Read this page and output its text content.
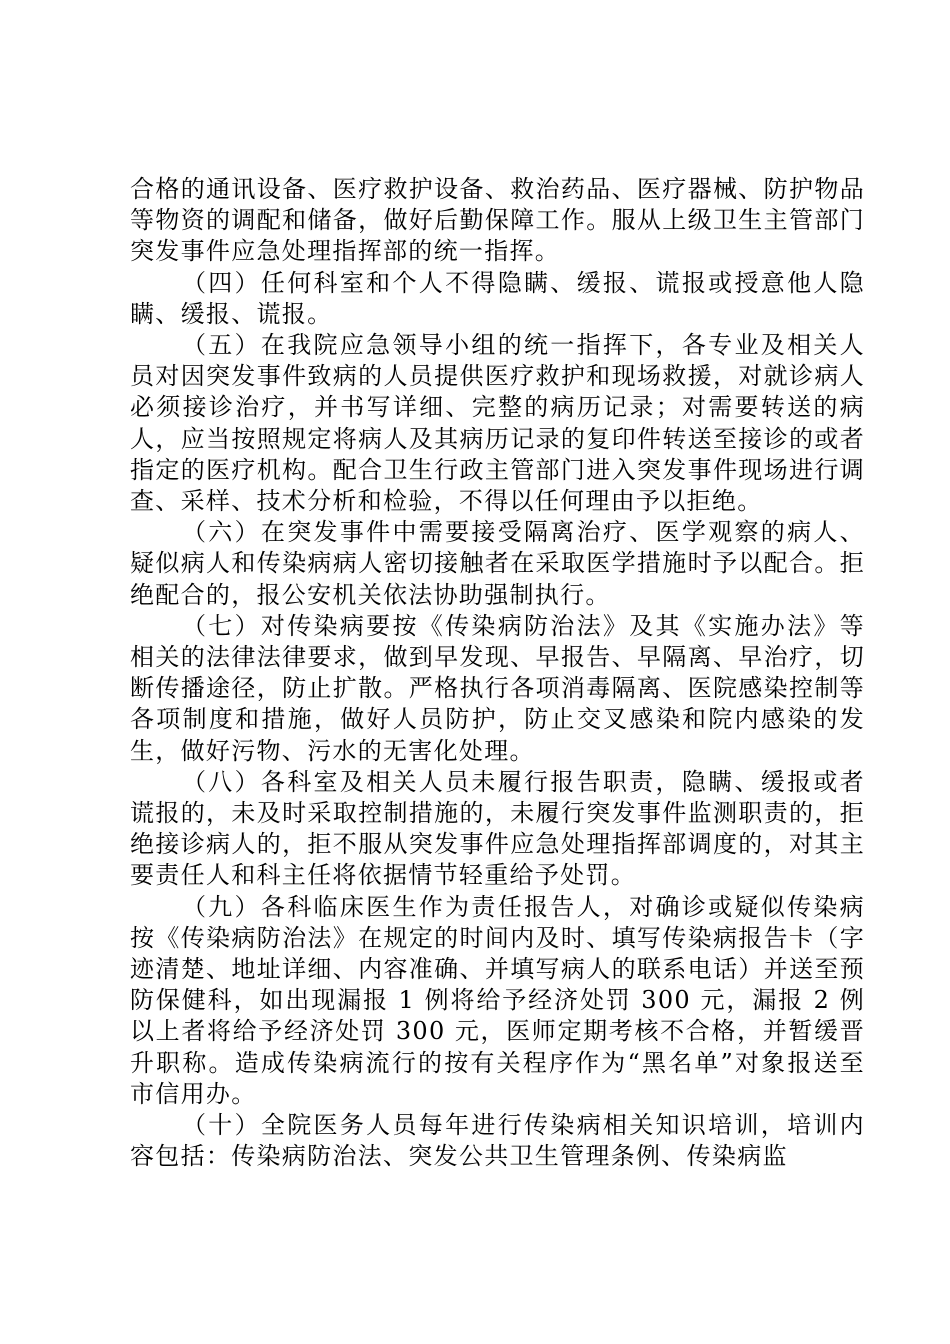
合格的通讯设备、医疗救护设备、救治药品、医疗器械、防护物品等物资的调配和储备，做好后勤保障工作。服从上级卫生主管部门突发事件应急处理指挥部的统一指挥。

（四）任何科室和个人不得隐瞒、缓报、谎报或授意他人隐瞒、缓报、谎报。

（五）在我院应急领导小组的统一指挥下，各专业及相关人员对因突发事件致病的人员提供医疗救护和现场救援，对就诊病人必须接诊治疗，并书写详细、完整的病历记录；对需要转送的病人，应当按照规定将病人及其病历记录的复印件转送至接诊的或者指定的医疗机构。配合卫生行政主管部门进入突发事件现场进行调查、采样、技术分析和检验，不得以任何理由予以拒绝。

（六）在突发事件中需要接受隔离治疗、医学观察的病人、疑似病人和传染病病人密切接触者在采取医学措施时予以配合。拒绝配合的，报公安机关依法协助强制执行。

（七）对传染病要按《传染病防治法》及其《实施办法》等相关的法律法律要求，做到早发现、早报告、早隔离、早治疗，切断传播途径，防止扩散。严格执行各项消毒隔离、医院感染控制等各项制度和措施，做好人员防护，防止交叉感染和院内感染的发生，做好污物、污水的无害化处理。

（八）各科室及相关人员未履行报告职责，隐瞒、缓报或者谎报的，未及时采取控制措施的，未履行突发事件监测职责的，拒绝接诊病人的，拒不服从突发事件应急处理指挥部调度的，对其主要责任人和科主任将依据情节轻重给予处罚。

（九）各科临床医生作为责任报告人，对确诊或疑似传染病按《传染病防治法》在规定的时间内及时、填写传染病报告卡（字迹清楚、地址详细、内容准确、并填写病人的联系电话）并送至预防保健科，如出现漏报 1 例将给予经济处罚 300 元，漏报 2 例以上者将给予经济处罚 300 元，医师定期考核不合格，并暂缓晋升职称。造成传染病流行的按有关程序作为“黑名单”对象报送至市信用办。

（十）全院医务人员每年进行传染病相关知识培训，培训内容包括：传染病防治法、突发公共卫生管理条例、传染病监
